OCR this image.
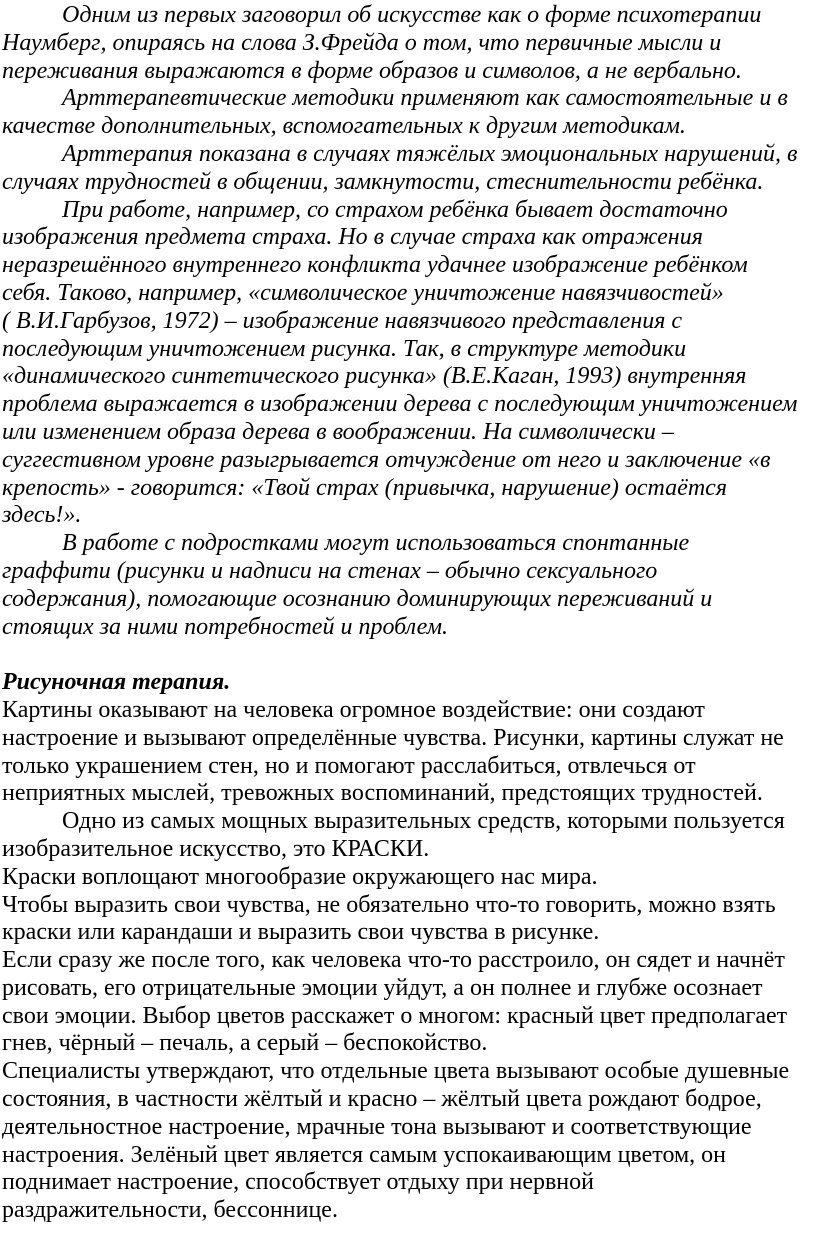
Одним из первых заговорил об искусстве как о форме психотерапии
Наумберг, опираясь на слова З.Фрейда о том, что первичные мысли и
переживания выражаются в форме образов и символов, а не вербально.
Арттерапевтические методики применяют как самостоятельные и в
качестве дополнительных, вспомогательных к другим методикам.
Арттерапия показана в случаях тяжёлых эмоциональных нарушений, в
случаях трудностей в общении, замкнутости, стеснительности ребёнка.
При работе, например, со страхом ребёнка бывает достаточно
изображения предмета страха. Но в случае страха как отражения
неразрешённого внутреннего конфликта удачнее изображение ребёнком
себя. Таково, например, «символическое уничтожение навязчивостей»
( В.И.Гарбузов, 1972) – изображение навязчивого представления с
последующим уничтожением рисунка. Так, в структуре методики
«динамического синтетического рисунка» (В.Е.Каган, 1993) внутренняя
проблема выражается в изображении дерева с последующим уничтожением
или изменением образа дерева в воображении. На символически –
суггестивном уровне разыгрывается отчуждение от него и заключение «в
крепость» - говорится: «Твой страх (привычка, нарушение) остаётся
здесь!».
В работе с подростками могут использоваться спонтанные
граффити (рисунки и надписи на стенах – обычно сексуального
содержания), помогающие осознанию доминирующих переживаний и
стоящих за ними потребностей и проблем.
Рисуночная терапия.
Картины оказывают на человека огромное воздействие: они создают
настроение и вызывают определённые чувства. Рисунки, картины служат не
только украшением стен, но и помогают расслабиться, отвлечься от
неприятных мыслей, тревожных воспоминаний, предстоящих трудностей.
Одно из самых мощных выразительных средств, которыми пользуется
изобразительное искусство, это КРАСКИ.
Краски воплощают многообразие окружающего нас мира.
Чтобы выразить свои чувства, не обязательно что-то говорить, можно взять
краски или карандаши и выразить свои чувства в рисунке.
Если сразу же после того, как человека что-то расстроило, он сядет и начнёт
рисовать, его отрицательные эмоции уйдут, а он полнее и глубже осознает
свои эмоции. Выбор цветов расскажет о многом: красный цвет предполагает
гнев, чёрный – печаль, а серый – беспокойство.
Специалисты утверждают, что отдельные цвета вызывают особые душевные
состояния, в частности жёлтый и красно – жёлтый цвета рождают бодрое,
деятельностное настроение, мрачные тона вызывают и соответствующие
настроения. Зелёный цвет является самым успокаивающим цветом, он
поднимает настроение, способствует отдыху при нервной
раздражительности, бессоннице.
